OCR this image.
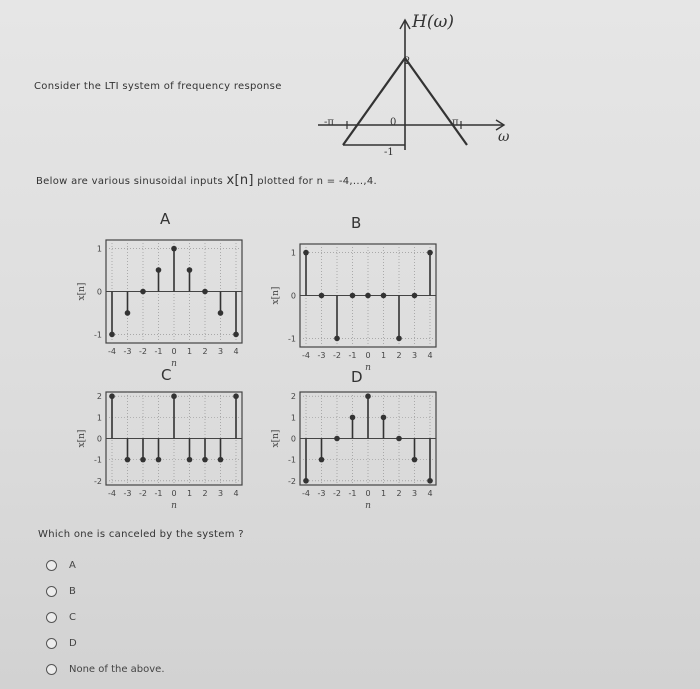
Consider the LTI system of frequency response
H(ω)
2
-π	0	π
-1
ω
Below are various sinusoidal inputs x[n] plotted for n = -4,...,4.
A	B
C	D
1
0
-1
-4 -3 -2 -1 0 1 2 3 4
n
x[n]
1
0
-1
-4 -3 -2 -1 0 1 2 3 4
n
x[n]
2
1
0
-1
-2
-4 -3 -2 -1 0 1 2 3 4
n
x[n]
2
1
0
-1
-2
-4 -3 -2 -1 0 1 2 3 4
n
x[n]
Which one is canceled by the system ?
A
B
C
D
None of the above.
